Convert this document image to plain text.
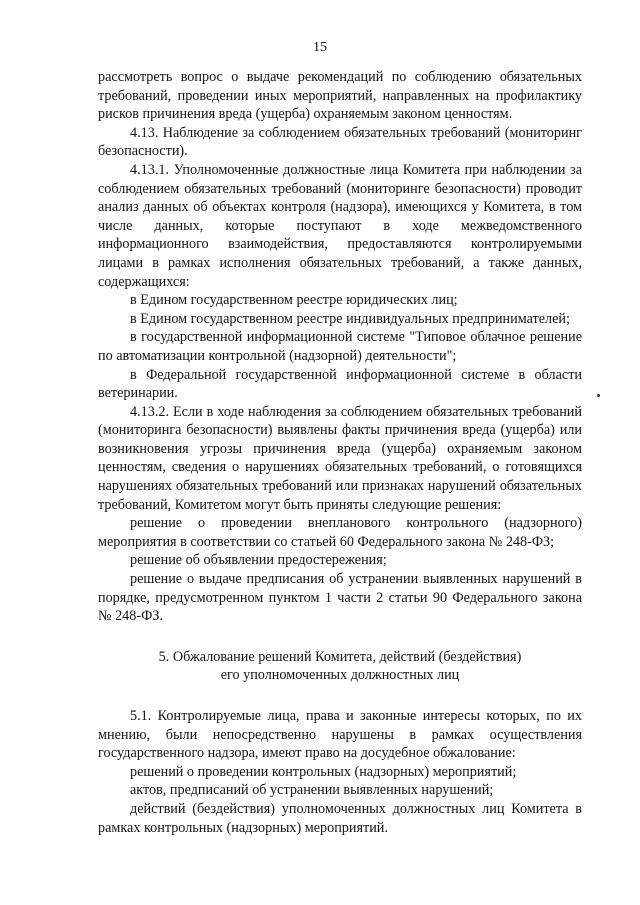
15

рассмотреть вопрос о выдаче рекомендаций по соблюдению обязательных требований, проведении иных мероприятий, направленных на профилактику рисков причинения вреда (ущерба) охраняемым законом ценностям.

4.13. Наблюдение за соблюдением обязательных требований (мониторинг безопасности).

4.13.1. Уполномоченные должностные лица Комитета при наблюдении за соблюдением обязательных требований (мониторинге безопасности) проводит анализ данных об объектах контроля (надзора), имеющихся у Комитета, в том числе данных, которые поступают в ходе межведомственного информационного взаимодействия, предоставляются контролируемыми лицами в рамках исполнения обязательных требований, а также данных, содержащихся:

в Едином государственном реестре юридических лиц;

в Едином государственном реестре индивидуальных предпринимателей;

в государственной информационной системе "Типовое облачное решение по автоматизации контрольной (надзорной) деятельности";

в Федеральной государственной информационной системе в области ветеринарии.

4.13.2. Если в ходе наблюдения за соблюдением обязательных требований (мониторинга безопасности) выявлены факты причинения вреда (ущерба) или возникновения угрозы причинения вреда (ущерба) охраняемым законом ценностям, сведения о нарушениях обязательных требований, о готовящихся нарушениях обязательных требований или признаках нарушений обязательных требований, Комитетом могут быть приняты следующие решения:

решение о проведении внепланового контрольного (надзорного) мероприятия в соответствии со статьей 60 Федерального закона № 248-ФЗ;

решение об объявлении предостережения;

решение о выдаче предписания об устранении выявленных нарушений в порядке, предусмотренном пунктом 1 части 2 статьи 90 Федерального закона № 248-ФЗ.

5. Обжалование решений Комитета, действий (бездействия)
его уполномоченных должностных лиц

5.1. Контролируемые лица, права и законные интересы которых, по их мнению, были непосредственно нарушены в рамках осуществления государственного надзора, имеют право на досудебное обжалование:

решений о проведении контрольных (надзорных) мероприятий;

актов, предписаний об устранении выявленных нарушений;

действий (бездействия) уполномоченных должностных лиц Комитета в рамках контрольных (надзорных) мероприятий.
